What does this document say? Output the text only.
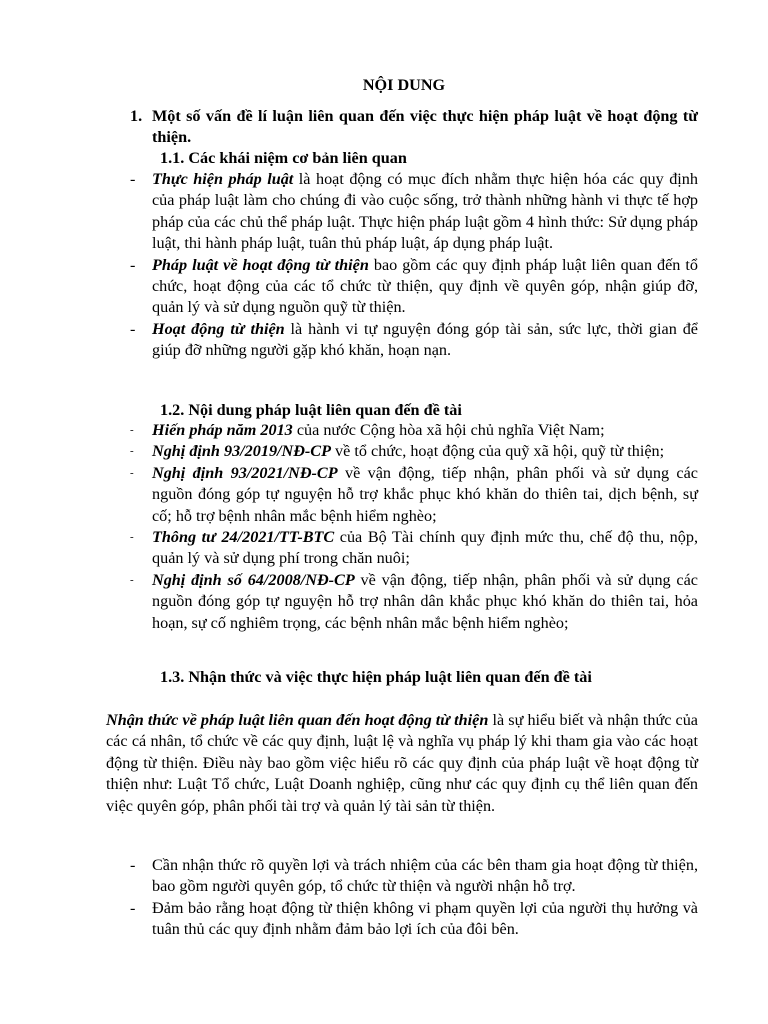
NỘI DUNG
1. Một số vấn đề lí luận liên quan đến việc thực hiện pháp luật về hoạt động từ thiện.
1.1. Các khái niệm cơ bản liên quan
- Thực hiện pháp luật là hoạt động có mục đích nhằm thực hiện hóa các quy định của pháp luật làm cho chúng đi vào cuộc sống, trở thành những hành vi thực tế hợp pháp của các chủ thể pháp luật. Thực hiện pháp luật gồm 4 hình thức: Sử dụng pháp luật, thi hành pháp luật, tuân thủ pháp luật, áp dụng pháp luật.
- Pháp luật về hoạt động từ thiện bao gồm các quy định pháp luật liên quan đến tổ chức, hoạt động của các tổ chức từ thiện, quy định về quyên góp, nhận giúp đỡ, quản lý và sử dụng nguồn quỹ từ thiện.
- Hoạt động từ thiện là hành vi tự nguyện đóng góp tài sản, sức lực, thời gian để giúp đỡ những người gặp khó khăn, hoạn nạn.
1.2. Nội dung pháp luật liên quan đến đề tài
- Hiến pháp năm 2013 của nước Cộng hòa xã hội chủ nghĩa Việt Nam;
- Nghị định 93/2019/NĐ-CP về tổ chức, hoạt động của quỹ xã hội, quỹ từ thiện;
- Nghị định 93/2021/NĐ-CP về vận động, tiếp nhận, phân phối và sử dụng các nguồn đóng góp tự nguyện hỗ trợ khắc phục khó khăn do thiên tai, dịch bệnh, sự cố; hỗ trợ bệnh nhân mắc bệnh hiểm nghèo;
- Thông tư 24/2021/TT-BTC của Bộ Tài chính quy định mức thu, chế độ thu, nộp, quản lý và sử dụng phí trong chăn nuôi;
- Nghị định số 64/2008/NĐ-CP về vận động, tiếp nhận, phân phối và sử dụng các nguồn đóng góp tự nguyện hỗ trợ nhân dân khắc phục khó khăn do thiên tai, hỏa hoạn, sự cố nghiêm trọng, các bệnh nhân mắc bệnh hiểm nghèo;
1.3. Nhận thức và việc thực hiện pháp luật liên quan đến đề tài
Nhận thức về pháp luật liên quan đến hoạt động từ thiện là sự hiểu biết và nhận thức của các cá nhân, tổ chức về các quy định, luật lệ và nghĩa vụ pháp lý khi tham gia vào các hoạt động từ thiện. Điều này bao gồm việc hiểu rõ các quy định của pháp luật về hoạt động từ thiện như: Luật Tổ chức, Luật Doanh nghiệp, cũng như các quy định cụ thể liên quan đến việc quyên góp, phân phối tài trợ và quản lý tài sản từ thiện.
- Cần nhận thức rõ quyền lợi và trách nhiệm của các bên tham gia hoạt động từ thiện, bao gồm người quyên góp, tổ chức từ thiện và người nhận hỗ trợ.
- Đảm bảo rằng hoạt động từ thiện không vi phạm quyền lợi của người thụ hưởng và tuân thủ các quy định nhằm đảm bảo lợi ích của đôi bên.
